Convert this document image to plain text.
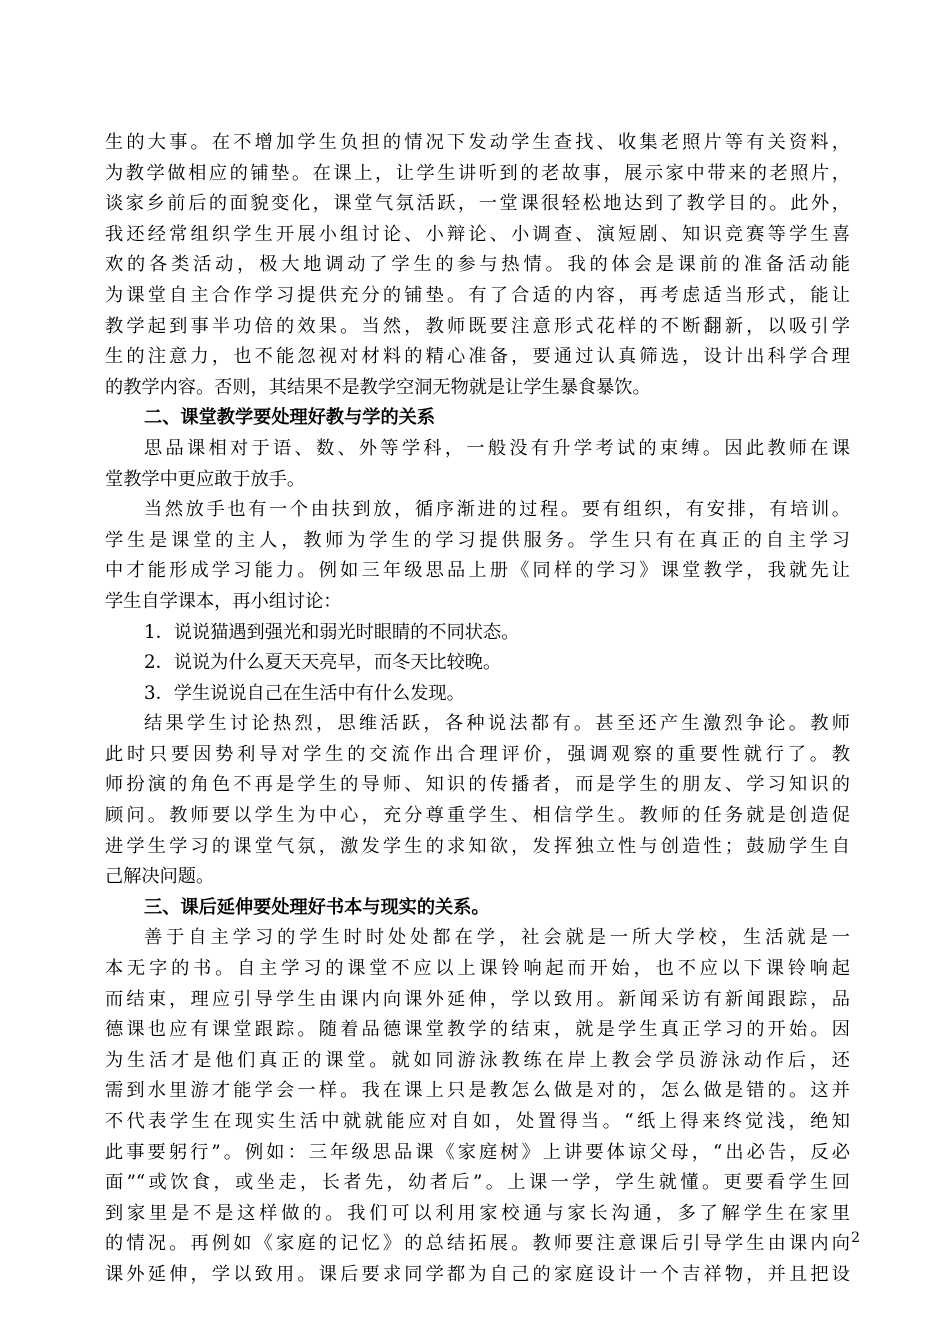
生的大事。在不增加学生负担的情况下发动学生查找、收集老照片等有关资料，
为教学做相应的铺垫。在课上，让学生讲听到的老故事，展示家中带来的老照片，
谈家乡前后的面貌变化，课堂气氛活跃，一堂课很轻松地达到了教学目的。此外，
我还经常组织学生开展小组讨论、小辩论、小调查、演短剧、知识竞赛等学生喜
欢的各类活动，极大地调动了学生的参与热情。我的体会是课前的准备活动能
为课堂自主合作学习提供充分的铺垫。有了合适的内容，再考虑适当形式，能让
教学起到事半功倍的效果。当然，教师既要注意形式花样的不断翻新，以吸引学
生的注意力，也不能忽视对材料的精心准备，要通过认真筛选，设计出科学合理
的教学内容。否则，其结果不是教学空洞无物就是让学生暴食暴饮。
二、课堂教学要处理好教与学的关系
思品课相对于语、数、外等学科，一般没有升学考试的束缚。因此教师在课
堂教学中更应敢于放手。
当然放手也有一个由扶到放，循序渐进的过程。要有组织，有安排，有培训。
学生是课堂的主人，教师为学生的学习提供服务。学生只有在真正的自主学习
中才能形成学习能力。例如三年级思品上册《同样的学习》课堂教学，我就先让
学生自学课本，再小组讨论：
1．说说猫遇到强光和弱光时眼睛的不同状态。
2．说说为什么夏天天亮早，而冬天比较晚。
3．学生说说自己在生活中有什么发现。
结果学生讨论热烈，思维活跃，各种说法都有。甚至还产生激烈争论。教师
此时只要因势利导对学生的交流作出合理评价，强调观察的重要性就行了。教
师扮演的角色不再是学生的导师、知识的传播者，而是学生的朋友、学习知识的
顾问。教师要以学生为中心，充分尊重学生、相信学生。教师的任务就是创造促
进学生学习的课堂气氛，激发学生的求知欲，发挥独立性与创造性；鼓励学生自
己解决问题。
三、课后延伸要处理好书本与现实的关系。
善于自主学习的学生时时处处都在学，社会就是一所大学校，生活就是一
本无字的书。自主学习的课堂不应以上课铃响起而开始，也不应以下课铃响起
而结束，理应引导学生由课内向课外延伸，学以致用。新闻采访有新闻跟踪，品
德课也应有课堂跟踪。随着品德课堂教学的结束，就是学生真正学习的开始。因
为生活才是他们真正的课堂。就如同游泳教练在岸上教会学员游泳动作后，还
需到水里游才能学会一样。我在课上只是教怎么做是对的，怎么做是错的。这并
不代表学生在现实生活中就就能应对自如，处置得当。“纸上得来终觉浅，绝知
此事要躬行”。例如：三年级思品课《家庭树》上讲要体谅父母，“出必告，反必
面”“或饮食，或坐走，长者先，幼者后”。上课一学，学生就懂。更要看学生回
到家里是不是这样做的。我们可以利用家校通与家长沟通，多了解学生在家里
的情况。再例如《家庭的记忆》的总结拓展。教师要注意课后引导学生由课内向
课外延伸，学以致用。课后要求同学都为自己的家庭设计一个吉祥物，并且把设
2
